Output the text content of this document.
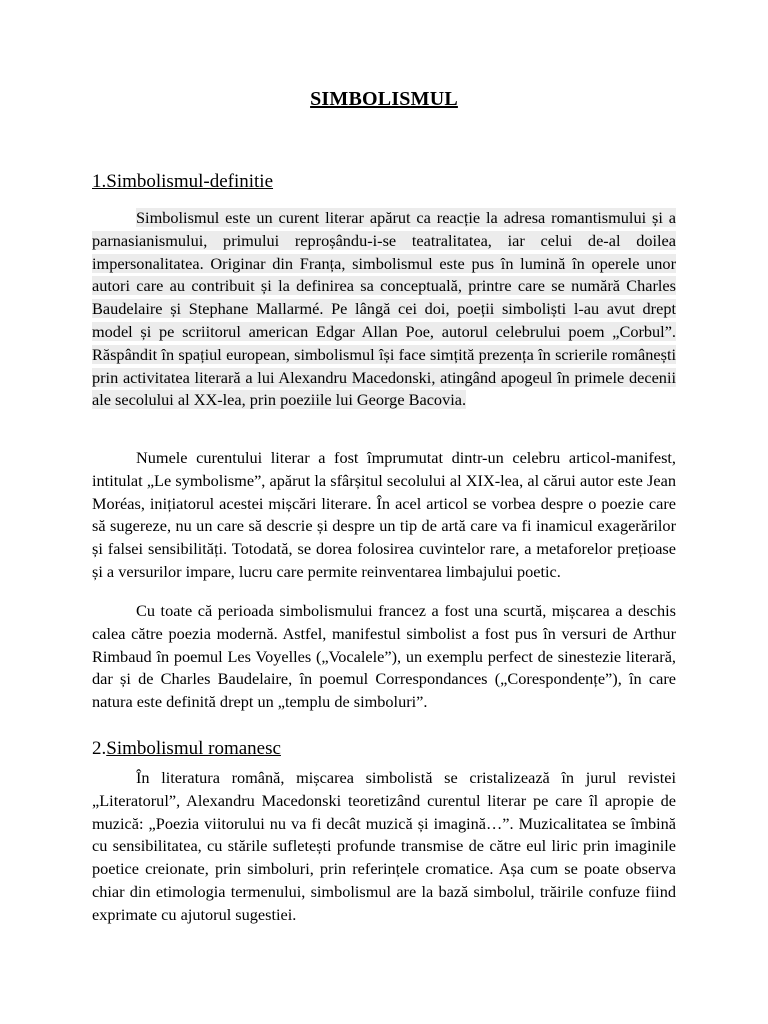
SIMBOLISMUL
1.Simbolismul-definitie

Simbolismul este un curent literar apărut ca reacție la adresa romantismului și a parnasianismului, primului reproșându-i-se teatralitatea, iar celui de-al doilea impersonalitatea. Originar din Franța, simbolismul este pus în lumină în operele unor autori care au contribuit și la definirea sa conceptuală, printre care se numără Charles Baudelaire și Stephane Mallarmé. Pe lângă cei doi, poeții simboliști l-au avut drept model și pe scriitorul american Edgar Allan Poe, autorul celebrului poem „Corbul”. Răspândit în spațiul european, simbolismul își face simțită prezența în scrierile românești prin activitatea literară a lui Alexandru Macedonski, atingând apogeul în primele decenii ale secolului al XX-lea, prin poeziile lui George Bacovia.

Numele curentului literar a fost împrumutat dintr-un celebru articol-manifest, intitulat „Le symbolisme”, apărut la sfârșitul secolului al XIX-lea, al cărui autor este Jean Moréas, inițiatorul acestei mișcări literare. În acel articol se vorbea despre o poezie care să sugereze, nu un care să descrie și despre un tip de artă care va fi inamicul exagerărilor și falsei sensibilități. Totodată, se dorea folosirea cuvintelor rare, a metaforelor prețioase și a versurilor impare, lucru care permite reinventarea limbajului poetic.

Cu toate că perioada simbolismului francez a fost una scurtă, mișcarea a deschis calea către poezia modernă. Astfel, manifestul simbolist a fost pus în versuri de Arthur Rimbaud în poemul Les Voyelles („Vocalele”), un exemplu perfect de sinestezie literară, dar și de Charles Baudelaire, în poemul Correspondances („Corespondențe”), în care natura este definită drept un „templu de simboluri”.

2.Simbolismul romanesc

În literatura română, mișcarea simbolistă se cristalizează în jurul revistei „Literatorul”, Alexandru Macedonski teoretizând curentul literar pe care îl apropie de muzică: „Poezia viitorului nu va fi decât muzică și imagină…”. Muzicalitatea se îmbină cu sensibilitatea, cu stările sufletești profunde transmise de către eul liric prin imaginile poetice creionate, prin simboluri, prin referințele cromatice. Așa cum se poate observa chiar din etimologia termenului, simbolismul are la bază simbolul, trăirile confuze fiind exprimate cu ajutorul sugestiei.
